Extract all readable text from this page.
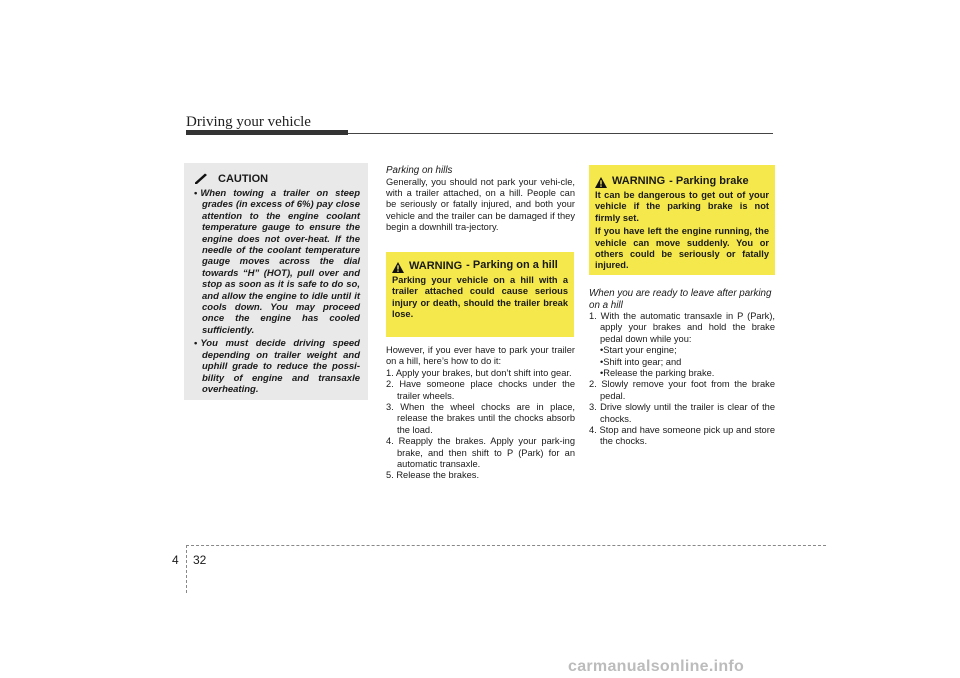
Driving your vehicle
CAUTION
• When towing a trailer on steep grades (in excess of 6%) pay close attention to the engine coolant temperature gauge to ensure the engine does not over-heat. If the needle of the coolant temperature gauge moves across the dial towards “H” (HOT), pull over and stop as soon as it is safe to do so, and allow the engine to idle until it cools down. You may proceed once the engine has cooled sufficiently.
• You must decide driving speed depending on trailer weight and uphill grade to reduce the possi-bility of engine and transaxle overheating.

Parking on hills

Generally, you should not park your vehi-cle, with a trailer attached, on a hill. People can be seriously or fatally injured, and both your vehicle and the trailer can be damaged if they begin a downhill tra-jectory.

WARNING - Parking on a hill
Parking your vehicle on a hill with a trailer attached could cause serious injury or death, should the trailer break lose.

However, if you ever have to park your trailer on a hill, here’s how to do it:

1. Apply your brakes, but don’t shift into gear.
2. Have someone place chocks under the trailer wheels.
3. When the wheel chocks are in place, release the brakes until the chocks absorb the load.
4. Reapply the brakes. Apply your park-ing brake, and then shift to P (Park) for an automatic transaxle.
5. Release the brakes.
WARNING - Parking brake
It can be dangerous to get out of your vehicle if the parking brake is not firmly set.
If you have left the engine running, the vehicle can move suddenly. You or others could be seriously or fatally injured.

When you are ready to leave after parking on a hill

1. With the automatic transaxle in P (Park), apply your brakes and hold the brake pedal down while you:
• Start your engine;
• Shift into gear; and
• Release the parking brake.
2. Slowly remove your foot from the brake pedal.
3. Drive slowly until the trailer is clear of the chocks.
4. Stop and have someone pick up and store the chocks.
4 32
carmanualsonline.info
